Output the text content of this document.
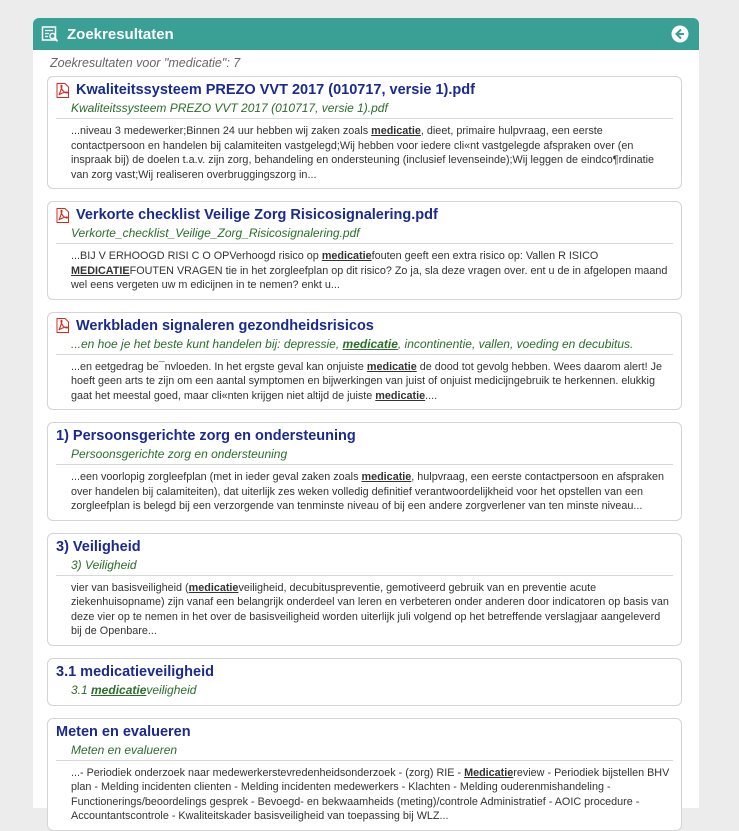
Zoekresultaten
Zoekresultaten voor "medicatie": 7
Kwaliteitssysteem PREZO VVT 2017 (010717, versie 1).pdf
Kwaliteitssysteem PREZO VVT 2017 (010717, versie 1).pdf
...niveau 3 medewerker;Binnen 24 uur hebben wij zaken zoals medicatie, dieet, primaire hulpvraag, een eerste contactpersoon en handelen bij calamiteiten vastgelegd;Wij hebben voor iedere cli«nt vastgelegde afspraken over (en inspraak bij) de doelen t.a.v. zijn zorg, behandeling en ondersteuning (inclusief levenseinde);Wij leggen de eindco¶rdinatie van zorg vast;Wij realiseren overbruggingszorg in...
Verkorte checklist Veilige Zorg Risicosignalering.pdf
Verkorte_checklist_Veilige_Zorg_Risicosignalering.pdf
...BIJ V ERHOOGD RISI C O OPVerhoogd risico op medicatiefouten geeft een extra risico op: Vallen R ISICO MEDICATIEFOUTEN VRAGEN tie in het zorgleefplan op dit risico? Zo ja, sla deze vragen over. ent u de in afgelopen maand wel eens vergeten uw m edicijnen in te nemen? enkt u...
Werkbladen signaleren gezondheidsrisicos
...en hoe je het beste kunt handelen bij: depressie, medicatie, incontinentie, vallen, voeding en decubitus.
...en eetgedrag be¯nvloeden. In het ergste geval kan onjuiste medicatie de dood tot gevolg hebben. Wees daarom alert! Je hoeft geen arts te zijn om een aantal symptomen en bijwerkingen van juist of onjuist medicijngebruik te herkennen. elukkig gaat het meestal goed, maar cli«nten krijgen niet altijd de juiste medicatie....
1) Persoonsgerichte zorg en ondersteuning
Persoonsgerichte zorg en ondersteuning
...een voorlopig zorgleefplan (met in ieder geval zaken zoals medicatie, hulpvraag, een eerste contactpersoon en afspraken over handelen bij calamiteiten), dat uiterlijk zes weken volledig definitief verantwoordelijkheid voor het opstellen van een zorgleefplan is belegd bij een verzorgende van tenminste niveau of bij een andere zorgverlener van ten minste niveau...
3) Veiligheid
3) Veiligheid
vier van basisveiligheid (medicatieveiligheid, decubituspreventie, gemotiveerd gebruik van en preventie acute ziekenhuisopname) zijn vanaf een belangrijk onderdeel van leren en verbeteren onder anderen door indicatoren op basis van deze vier op te nemen in het over de basisveiligheid worden uiterlijk juli volgend op het betreffende verslagjaar aangeleverd bij de Openbare...
3.1 medicatieveiligheid
3.1 medicatieveiligheid
Meten en evalueren
Meten en evalueren
...- Periodiek onderzoek naar medewerkerstevredenheidsonderzoek - (zorg) RIE - Medicatiereview - Periodiek bijstellen BHV plan - Melding incidenten clienten - Melding incidenten medewerkers - Klachten - Melding ouderenmishandeling - Functionerings/beoordelings gesprek - Bevoegd- en bekwaamheids (meting)/controle Administratief - AOIC procedure - Accountantscontrole - Kwaliteitskader basisveiligheid van toepassing bij WLZ...
